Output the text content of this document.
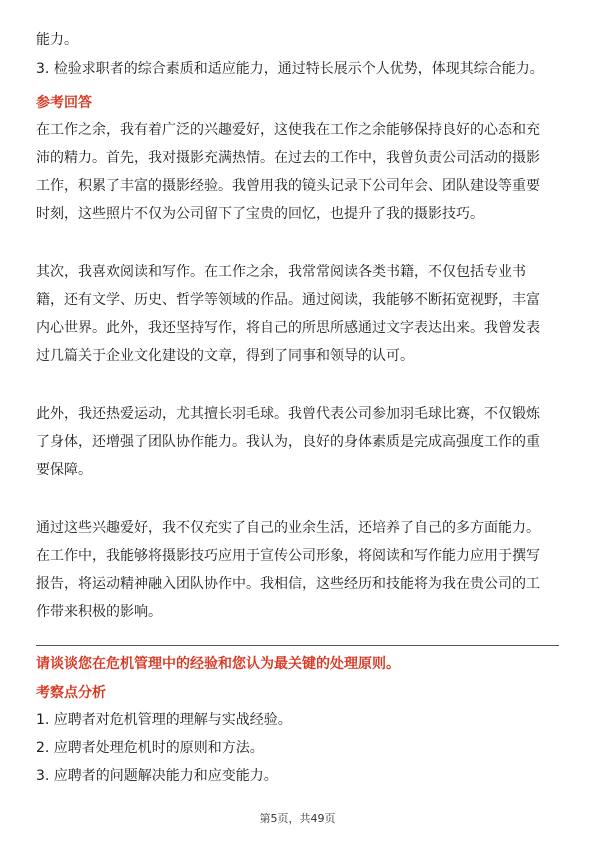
能力。
3. 检验求职者的综合素质和适应能力，通过特长展示个人优势，体现其综合能力。
参考回答
在工作之余，我有着广泛的兴趣爱好，这使我在工作之余能够保持良好的心态和充
沛的精力。首先，我对摄影充满热情。在过去的工作中，我曾负责公司活动的摄影
工作，积累了丰富的摄影经验。我曾用我的镜头记录下公司年会、团队建设等重要
时刻，这些照片不仅为公司留下了宝贵的回忆，也提升了我的摄影技巧。
其次，我喜欢阅读和写作。在工作之余，我常常阅读各类书籍，不仅包括专业书
籍，还有文学、历史、哲学等领域的作品。通过阅读，我能够不断拓宽视野，丰富
内心世界。此外，我还坚持写作，将自己的所思所感通过文字表达出来。我曾发表
过几篇关于企业文化建设的文章，得到了同事和领导的认可。
此外，我还热爱运动，尤其擅长羽毛球。我曾代表公司参加羽毛球比赛，不仅锻炼
了身体，还增强了团队协作能力。我认为，良好的身体素质是完成高强度工作的重
要保障。
通过这些兴趣爱好，我不仅充实了自己的业余生活，还培养了自己的多方面能力。
在工作中，我能够将摄影技巧应用于宣传公司形象，将阅读和写作能力应用于撰写
报告，将运动精神融入团队协作中。我相信，这些经历和技能将为我在贵公司的工
作带来积极的影响。
请谈谈您在危机管理中的经验和您认为最关键的处理原则。
考察点分析
1. 应聘者对危机管理的理解与实战经验。
2. 应聘者处理危机时的原则和方法。
3. 应聘者的问题解决能力和应变能力。
第5页，共49页
